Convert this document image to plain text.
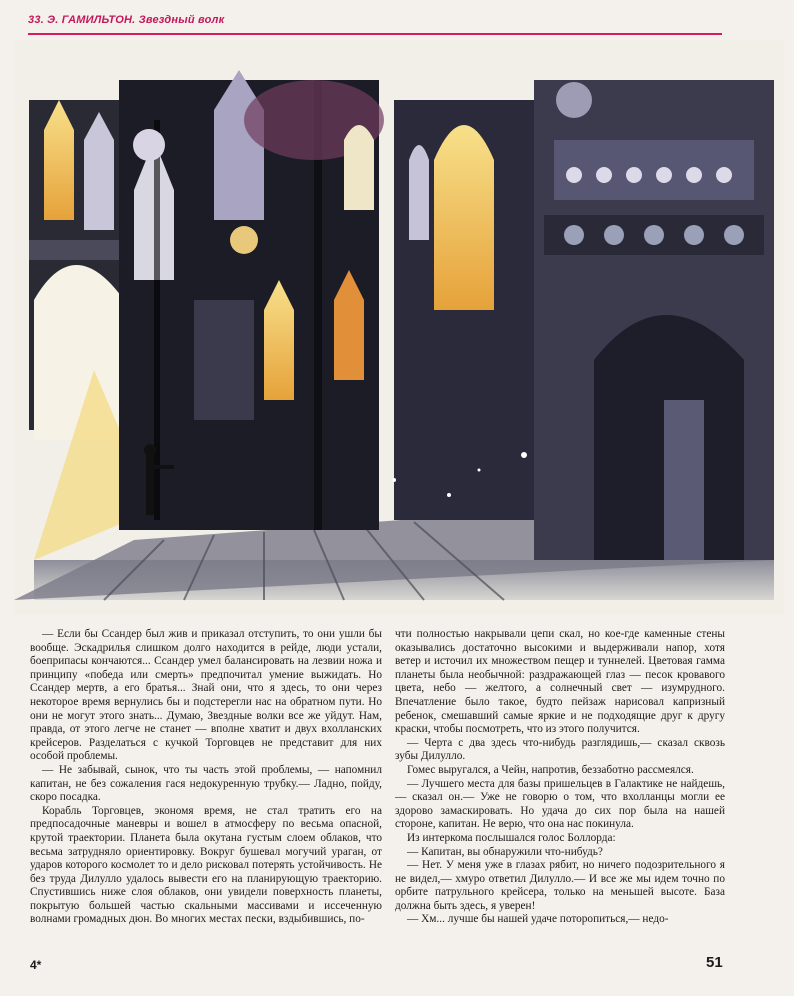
33. Э. ГАМИЛЬТОН. Звездный волк

— Если бы Ссандер был жив и приказал отступить, то они ушли бы вообще. Эскадрилья слишком долго находится в рейде, люди устали, боеприпасы кончаются... Ссандер умел балансировать на лезвии ножа и принципу «победа или смерть» предпочитал умение выжидать. Но Ссандер мертв, а его братья... Знай они, что я здесь, то они через некоторое время вернулись бы и подстерегли нас на обратном пути. Но они не могут этого знать... Думаю, Звездные волки все же уйдут. Нам, правда, от этого легче не станет — вполне хватит и двух вхолланских крейсеров. Разделаться с кучкой Торговцев не представит для них особой проблемы.

— Не забывай, сынок, что ты часть этой проблемы, — напомнил капитан, не без сожаления гася недокуренную трубку.— Ладно, пойду, скоро посадка.

Корабль Торговцев, экономя время, не стал тратить его на предпосадочные маневры и вошел в атмосферу по весьма опасной, крутой траектории. Планета была окутана густым слоем облаков, что весьма затрудняло ориентировку. Вокруг бушевал могучий ураган, от ударов которого космолет то и дело рисковал потерять устойчивость. Не без труда Дилулло удалось вывести его на планирующую траекторию. Спустившись ниже слоя облаков, они увидели поверхность планеты, покрытую большей частью скальными массивами и иссеченную волнами громадных дюн. Во многих местах пески, вздыбившись, по-

чти полностью накрывали цепи скал, но кое-где каменные стены оказывались достаточно высокими и выдерживали напор, хотя ветер и источил их множеством пещер и туннелей. Цветовая гамма планеты была необычной: раздражающей глаз — песок кровавого цвета, небо — желтого, а солнечный свет — изумрудного. Впечатление было такое, будто пейзаж нарисовал капризный ребенок, смешавший самые яркие и не подходящие друг к другу краски, чтобы посмотреть, что из этого получится.

— Черта с два здесь что-нибудь разглядишь,— сказал сквозь зубы Дилулло.

Гомес выругался, а Чейн, напротив, беззаботно рассмеялся.

— Лучшего места для базы пришельцев в Галактике не найдешь,— сказал он.— Уже не говорю о том, что вхолланцы могли ее здорово замаскировать. Но удача до сих пор была на нашей стороне, капитан. Не верю, что она нас покинула.

Из интеркома послышался голос Боллорда:

— Капитан, вы обнаружили что-нибудь?

— Нет. У меня уже в глазах рябит, но ничего подозрительного я не видел,— хмуро ответил Дилулло.— И все же мы идем точно по орбите патрульного крейсера, только на меньшей высоте. База должна быть здесь, я уверен!

— Хм... лучше бы нашей удаче поторопиться,— недо-

4*	51
